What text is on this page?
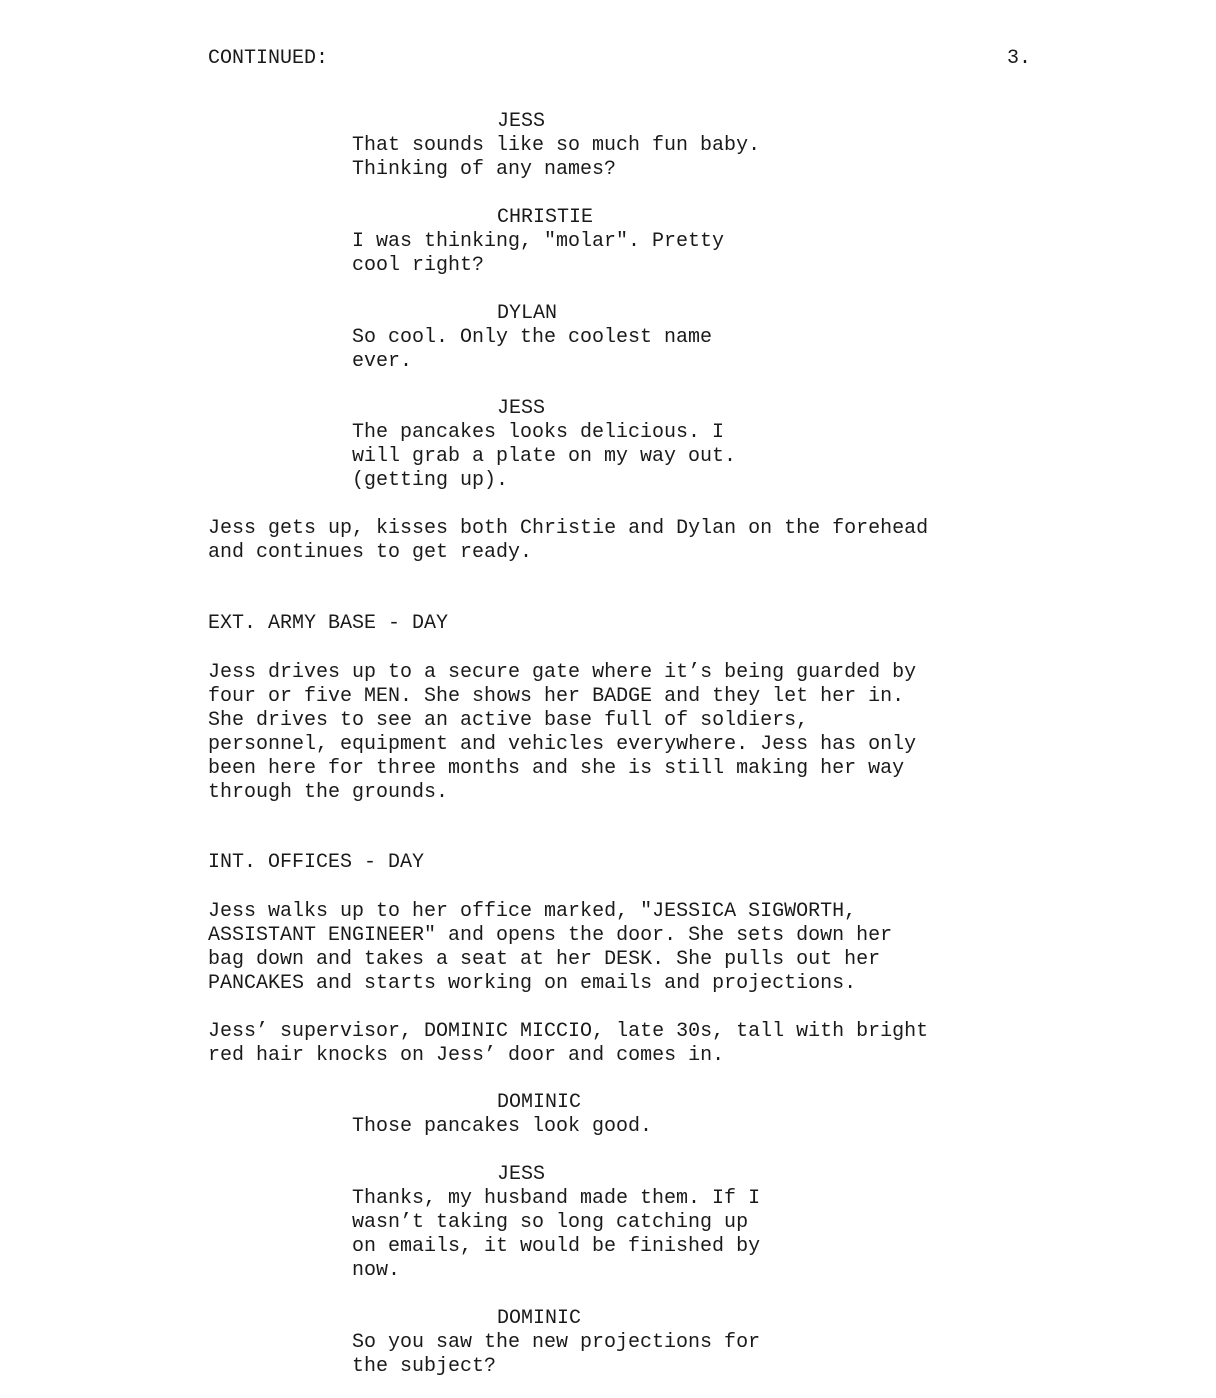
CONTINUED:	3.
JESS
That sounds like so much fun baby.
Thinking of any names?
CHRISTIE
I was thinking, "molar". Pretty
cool right?
DYLAN
So cool. Only the coolest name
ever.
JESS
The pancakes looks delicious. I
will grab a plate on my way out.
(getting up).
Jess gets up, kisses both Christie and Dylan on the forehead
and continues to get ready.
EXT. ARMY BASE - DAY
Jess drives up to a secure gate where it’s being guarded by
four or five MEN. She shows her BADGE and they let her in.
She drives to see an active base full of soldiers,
personnel, equipment and vehicles everywhere. Jess has only
been here for three months and she is still making her way
through the grounds.
INT. OFFICES - DAY
Jess walks up to her office marked, "JESSICA SIGWORTH,
ASSISTANT ENGINEER" and opens the door. She sets down her
bag down and takes a seat at her DESK. She pulls out her
PANCAKES and starts working on emails and projections.
Jess’ supervisor, DOMINIC MICCIO, late 30s, tall with bright
red hair knocks on Jess’ door and comes in.
DOMINIC
Those pancakes look good.
JESS
Thanks, my husband made them. If I
wasn’t taking so long catching up
on emails, it would be finished by
now.
DOMINIC
So you saw the new projections for
the subject?
